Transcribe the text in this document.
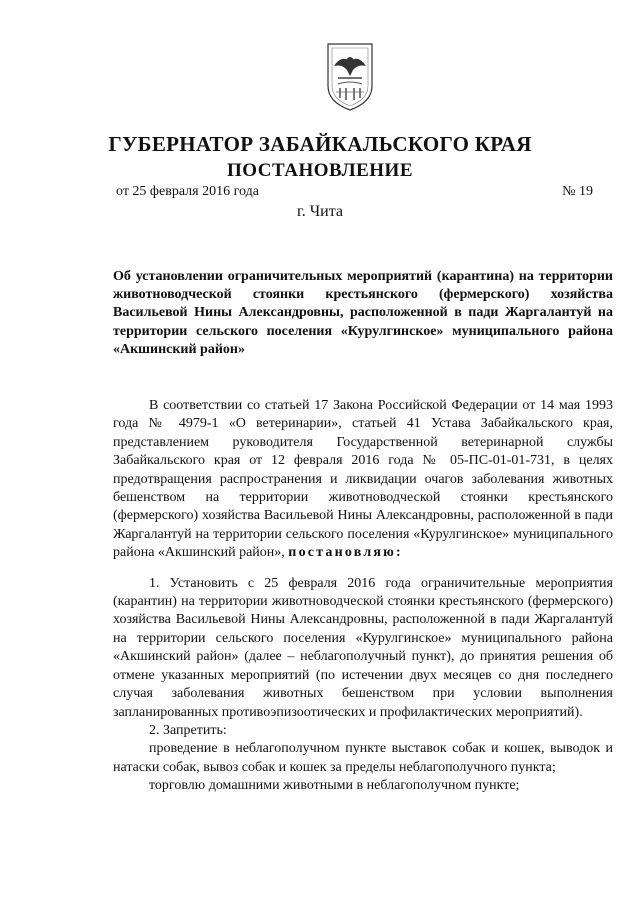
ГУБЕРНАТОР ЗАБАЙКАЛЬСКОГО КРАЯ
ПОСТАНОВЛЕНИЕ
от 25 февраля 2016 года	№ 19
г. Чита

Об установлении ограничительных мероприятий (карантина) на территории животноводческой стоянки крестьянского (фермерского) хозяйства Васильевой Нины Александровны, расположенной в пади Жаргалантуй на территории сельского поселения «Курулгинское» муниципального района «Акшинский район»

В соответствии со статьей 17 Закона Российской Федерации от 14 мая 1993 года № 4979-1 «О ветеринарии», статьей 41 Устава Забайкальского края, представлением руководителя Государственной ветеринарной службы Забайкальского края от 12 февраля 2016 года № 05-ПС-01-01-731, в целях предотвращения распространения и ликвидации очагов заболевания животных бешенством на территории животноводческой стоянки крестьянского (фермерского) хозяйства Васильевой Нины Александровны, расположенной в пади Жаргалантуй на территории сельского поселения «Курулгинское» муниципального района «Акшинский район», постановляю:

1. Установить с 25 февраля 2016 года ограничительные мероприятия (карантин) на территории животноводческой стоянки крестьянского (фермерского) хозяйства Васильевой Нины Александровны, расположенной в пади Жаргалантуй на территории сельского поселения «Курулгинское» муниципального района «Акшинский район» (далее – неблагополучный пункт), до принятия решения об отмене указанных мероприятий (по истечении двух месяцев со дня последнего случая заболевания животных бешенством при условии выполнения запланированных противоэпизоотических и профилактических мероприятий).

2. Запретить:

проведение в неблагополучном пункте выставок собак и кошек, выводок и натаски собак, вывоз собак и кошек за пределы неблагополучного пункта;

торговлю домашними животными в неблагополучном пункте;
